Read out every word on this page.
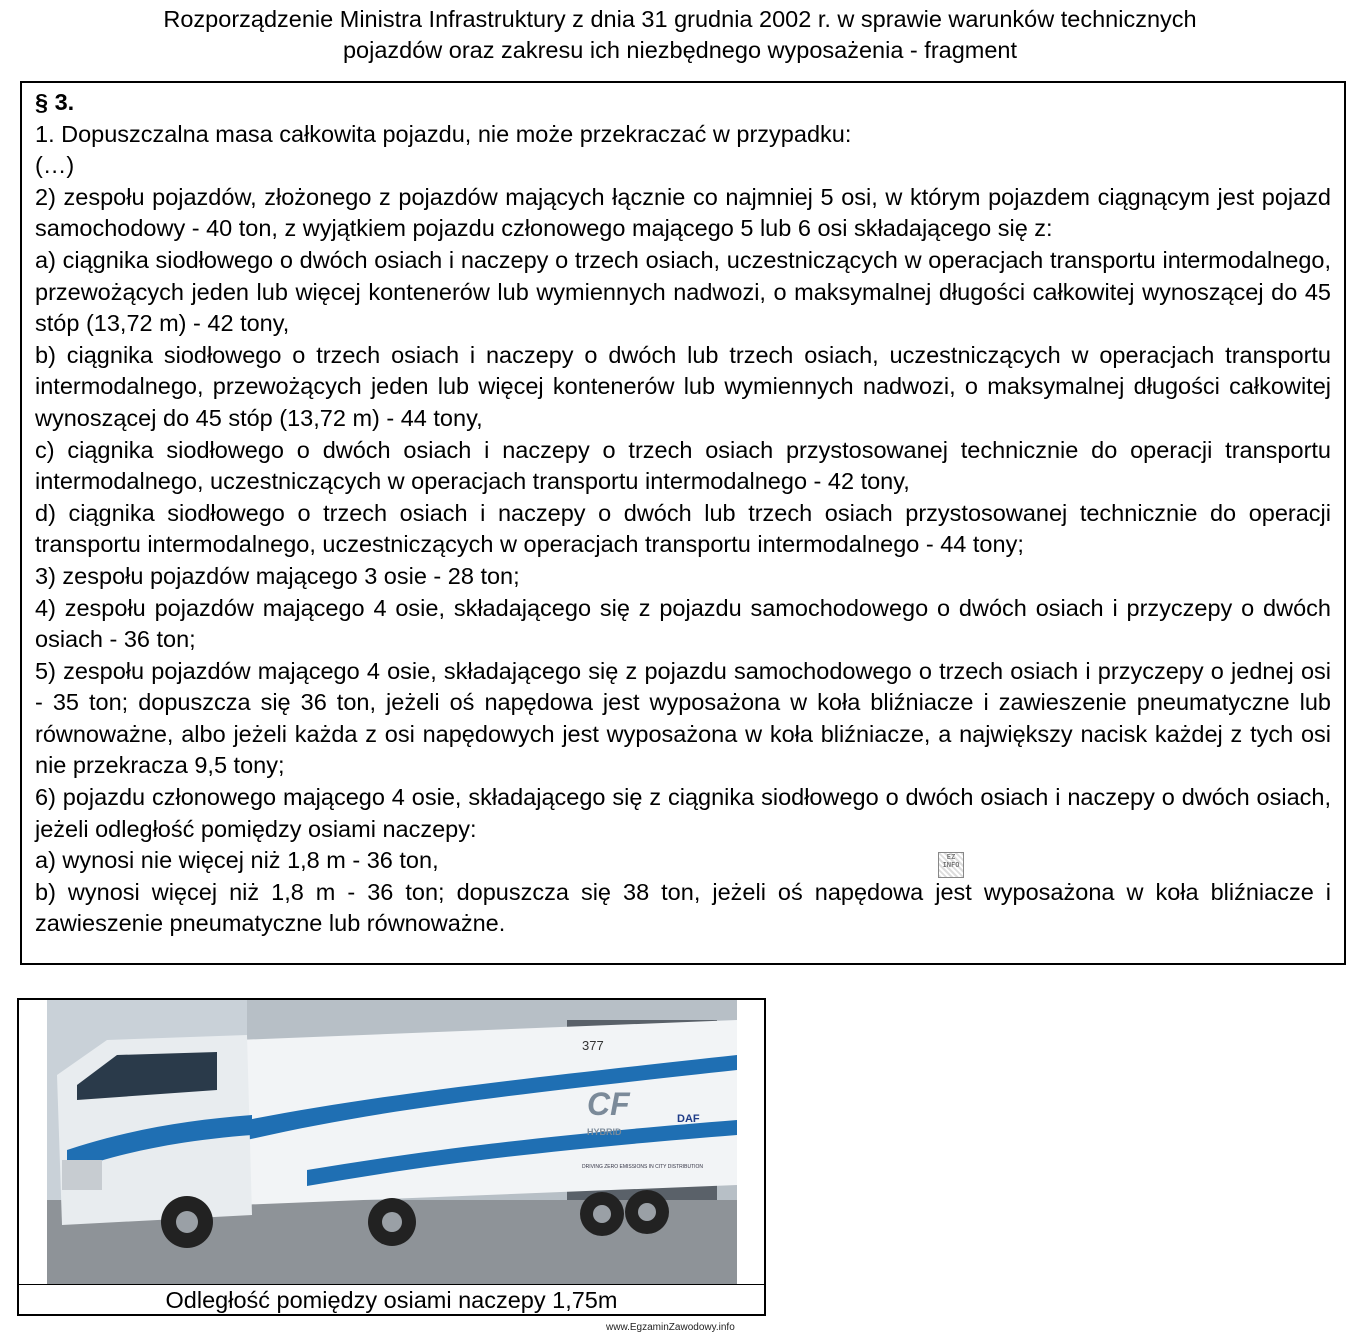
Rozporządzenie Ministra Infrastruktury z dnia 31 grudnia 2002 r. w sprawie warunków technicznych
pojazdów oraz zakresu ich niezbędnego wyposażenia - fragment

§ 3.

1. Dopuszczalna masa całkowita pojazdu, nie może przekraczać w przypadku:

(…)

2) zespołu pojazdów, złożonego z pojazdów mających łącznie co najmniej 5 osi, w którym pojazdem ciągnącym jest pojazd samochodowy - 40 ton, z wyjątkiem pojazdu członowego mającego 5 lub 6 osi składającego się z:

a) ciągnika siodłowego o dwóch osiach i naczepy o trzech osiach, uczestniczących w operacjach transportu intermodalnego, przewożących jeden lub więcej kontenerów lub wymiennych nadwozi, o maksymalnej długości całkowitej wynoszącej do 45 stóp (13,72 m) - 42 tony,

b) ciągnika siodłowego o trzech osiach i naczepy o dwóch lub trzech osiach, uczestniczących w operacjach transportu intermodalnego, przewożących jeden lub więcej kontenerów lub wymiennych nadwozi, o maksymalnej długości całkowitej wynoszącej do 45 stóp (13,72 m) - 44 tony,

c) ciągnika siodłowego o dwóch osiach i naczepy o trzech osiach przystosowanej technicznie do operacji transportu intermodalnego, uczestniczących w operacjach transportu intermodalnego - 42 tony,

d) ciągnika siodłowego o trzech osiach i naczepy o dwóch lub trzech osiach przystosowanej technicznie do operacji transportu intermodalnego, uczestniczących w operacjach transportu intermodalnego - 44 tony;

3) zespołu pojazdów mającego 3 osie - 28 ton;

4) zespołu pojazdów mającego 4 osie, składającego się z pojazdu samochodowego o dwóch osiach i przyczepy o dwóch osiach - 36 ton;

5) zespołu pojazdów mającego 4 osie, składającego się z pojazdu samochodowego o trzech osiach i przyczepy o jednej osi - 35 ton; dopuszcza się 36 ton, jeżeli oś napędowa jest wyposażona w koła bliźniacze i zawieszenie pneumatyczne lub równoważne, albo jeżeli każda z osi napędowych jest wyposażona w koła bliźniacze, a największy nacisk każdej z tych osi nie przekracza 9,5 tony;

6) pojazdu członowego mającego 4 osie, składającego się z ciągnika siodłowego o dwóch osiach i naczepy o dwóch osiach, jeżeli odległość pomiędzy osiami naczepy:

a) wynosi nie więcej niż 1,8 m - 36 ton,

b) wynosi więcej niż 1,8 m - 36 ton; dopuszcza się 38 ton, jeżeli oś napędowa jest wyposażona w koła bliźniacze i zawieszenie pneumatyczne lub równoważne.

EZ INFO
377
CF
HYBRID
DAF
DRIVING ZERO EMISSIONS IN CITY DISTRIBUTION
Odległość pomiędzy osiami naczepy 1,75m
www.EgzaminZawodowy.info
